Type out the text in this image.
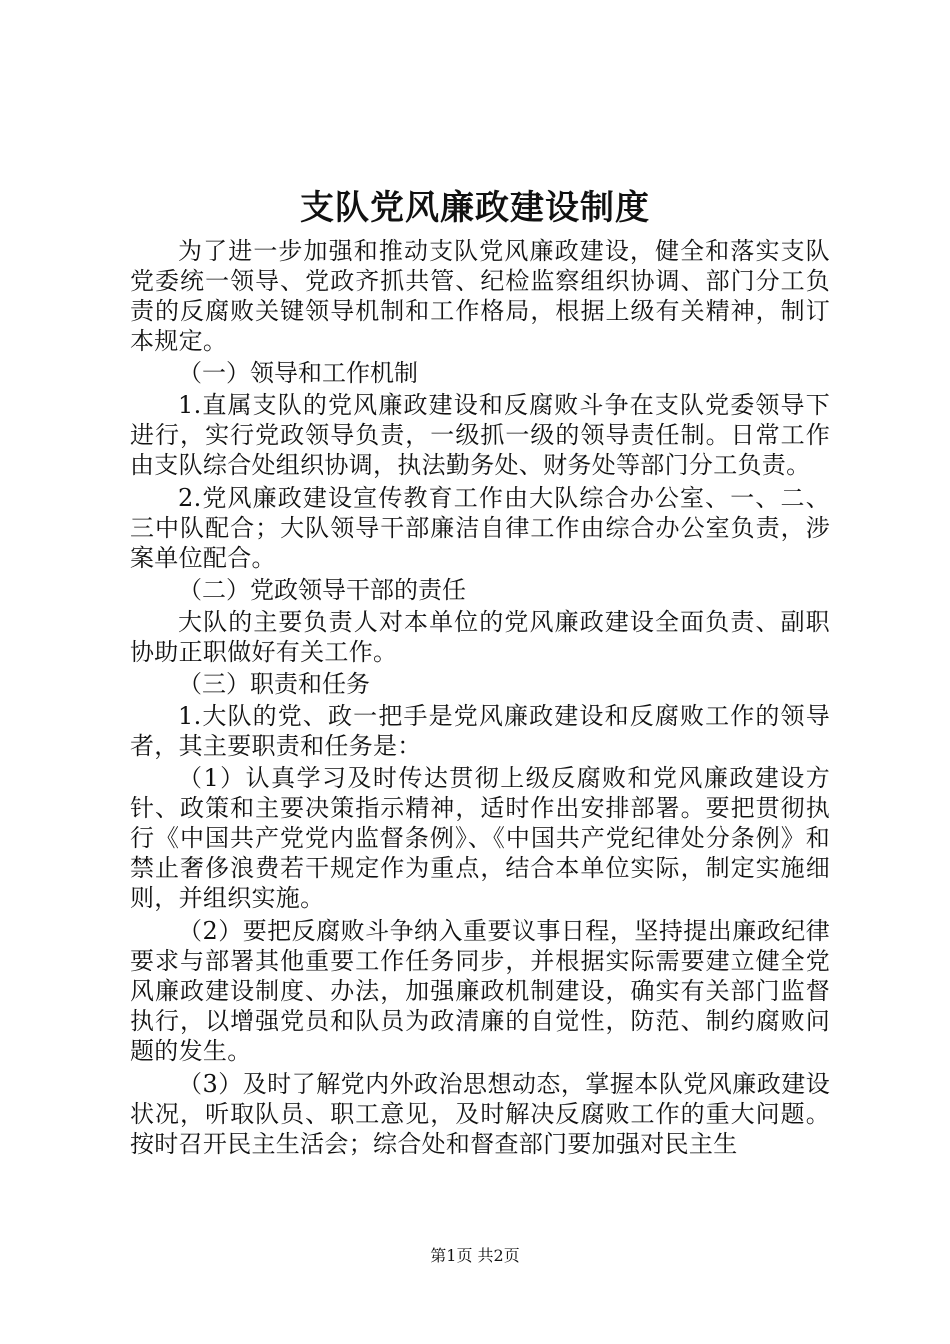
支队党风廉政建设制度

为了进一步加强和推动支队党风廉政建设，健全和落实支队党委统一领导、党政齐抓共管、纪检监察组织协调、部门分工负责的反腐败关键领导机制和工作格局，根据上级有关精神，制订本规定。

（一）领导和工作机制

1.直属支队的党风廉政建设和反腐败斗争在支队党委领导下进行，实行党政领导负责，一级抓一级的领导责任制。日常工作由支队综合处组织协调，执法勤务处、财务处等部门分工负责。

2.党风廉政建设宣传教育工作由大队综合办公室、一、二、三中队配合；大队领导干部廉洁自律工作由综合办公室负责，涉案单位配合。

（二）党政领导干部的责任

大队的主要负责人对本单位的党风廉政建设全面负责、副职协助正职做好有关工作。

（三）职责和任务

1.大队的党、政一把手是党风廉政建设和反腐败工作的领导者，其主要职责和任务是：

（1）认真学习及时传达贯彻上级反腐败和党风廉政建设方针、政策和主要决策指示精神，适时作出安排部署。要把贯彻执行《中国共产党党内监督条例》、《中国共产党纪律处分条例》和禁止奢侈浪费若干规定作为重点，结合本单位实际，制定实施细则，并组织实施。

（2）要把反腐败斗争纳入重要议事日程，坚持提出廉政纪律要求与部署其他重要工作任务同步，并根据实际需要建立健全党风廉政建设制度、办法，加强廉政机制建设，确实有关部门监督执行，以增强党员和队员为政清廉的自觉性，防范、制约腐败问题的发生。

（3）及时了解党内外政治思想动态，掌握本队党风廉政建设状况，听取队员、职工意见，及时解决反腐败工作的重大问题。按时召开民主生活会；综合处和督查部门要加强对民主生

第1页 共2页
